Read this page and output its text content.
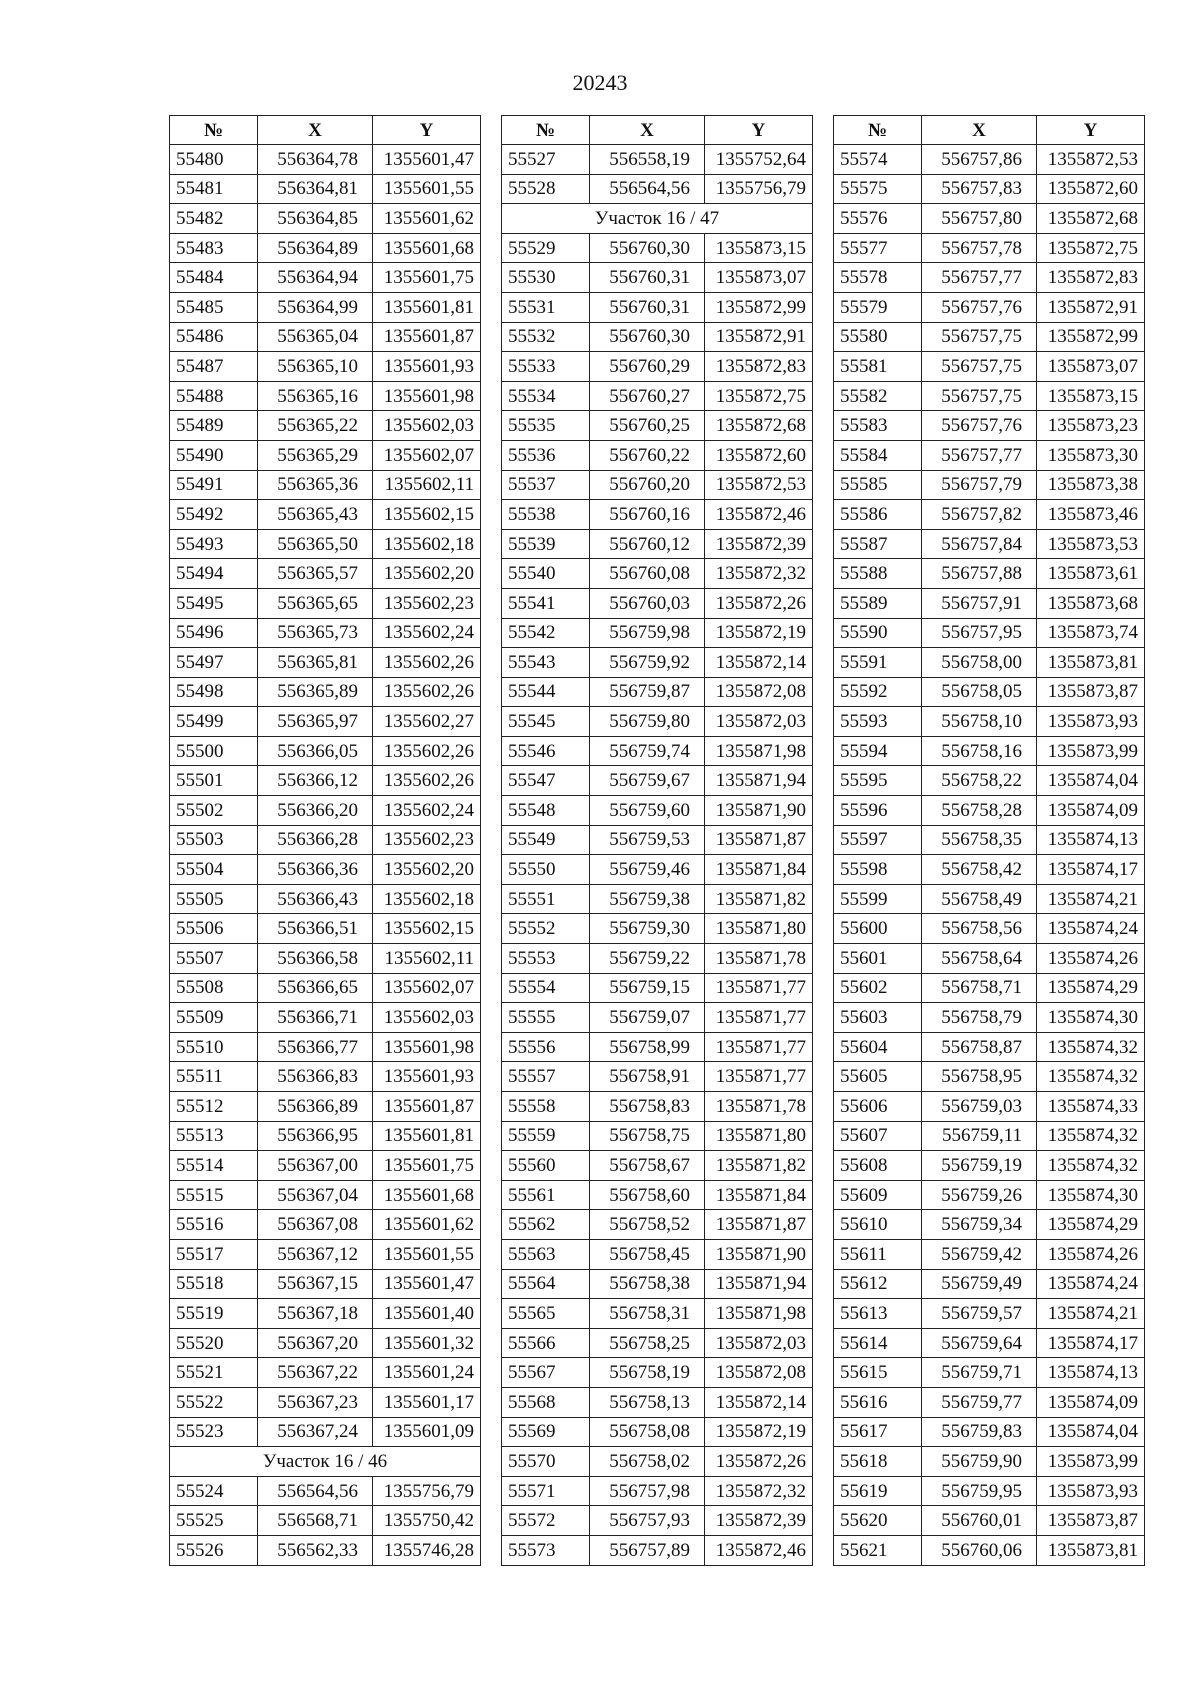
20243
№	X	Y
55480	556364,78	1355601,47
55481	556364,81	1355601,55
55482	556364,85	1355601,62
55483	556364,89	1355601,68
55484	556364,94	1355601,75
55485	556364,99	1355601,81
55486	556365,04	1355601,87
55487	556365,10	1355601,93
55488	556365,16	1355601,98
55489	556365,22	1355602,03
55490	556365,29	1355602,07
55491	556365,36	1355602,11
55492	556365,43	1355602,15
55493	556365,50	1355602,18
55494	556365,57	1355602,20
55495	556365,65	1355602,23
55496	556365,73	1355602,24
55497	556365,81	1355602,26
55498	556365,89	1355602,26
55499	556365,97	1355602,27
55500	556366,05	1355602,26
55501	556366,12	1355602,26
55502	556366,20	1355602,24
55503	556366,28	1355602,23
55504	556366,36	1355602,20
55505	556366,43	1355602,18
55506	556366,51	1355602,15
55507	556366,58	1355602,11
55508	556366,65	1355602,07
55509	556366,71	1355602,03
55510	556366,77	1355601,98
55511	556366,83	1355601,93
55512	556366,89	1355601,87
55513	556366,95	1355601,81
55514	556367,00	1355601,75
55515	556367,04	1355601,68
55516	556367,08	1355601,62
55517	556367,12	1355601,55
55518	556367,15	1355601,47
55519	556367,18	1355601,40
55520	556367,20	1355601,32
55521	556367,22	1355601,24
55522	556367,23	1355601,17
55523	556367,24	1355601,09
Участок 16 / 46		
55524	556564,56	1355756,79
55525	556568,71	1355750,42
55526	556562,33	1355746,28
№	X	Y
55527	556558,19	1355752,64
55528	556564,56	1355756,79
Участок 16 / 47		
55529	556760,30	1355873,15
55530	556760,31	1355873,07
55531	556760,31	1355872,99
55532	556760,30	1355872,91
55533	556760,29	1355872,83
55534	556760,27	1355872,75
55535	556760,25	1355872,68
55536	556760,22	1355872,60
55537	556760,20	1355872,53
55538	556760,16	1355872,46
55539	556760,12	1355872,39
55540	556760,08	1355872,32
55541	556760,03	1355872,26
55542	556759,98	1355872,19
55543	556759,92	1355872,14
55544	556759,87	1355872,08
55545	556759,80	1355872,03
55546	556759,74	1355871,98
55547	556759,67	1355871,94
55548	556759,60	1355871,90
55549	556759,53	1355871,87
55550	556759,46	1355871,84
55551	556759,38	1355871,82
55552	556759,30	1355871,80
55553	556759,22	1355871,78
55554	556759,15	1355871,77
55555	556759,07	1355871,77
55556	556758,99	1355871,77
55557	556758,91	1355871,77
55558	556758,83	1355871,78
55559	556758,75	1355871,80
55560	556758,67	1355871,82
55561	556758,60	1355871,84
55562	556758,52	1355871,87
55563	556758,45	1355871,90
55564	556758,38	1355871,94
55565	556758,31	1355871,98
55566	556758,25	1355872,03
55567	556758,19	1355872,08
55568	556758,13	1355872,14
55569	556758,08	1355872,19
55570	556758,02	1355872,26
55571	556757,98	1355872,32
55572	556757,93	1355872,39
55573	556757,89	1355872,46
№	X	Y
55574	556757,86	1355872,53
55575	556757,83	1355872,60
55576	556757,80	1355872,68
55577	556757,78	1355872,75
55578	556757,77	1355872,83
55579	556757,76	1355872,91
55580	556757,75	1355872,99
55581	556757,75	1355873,07
55582	556757,75	1355873,15
55583	556757,76	1355873,23
55584	556757,77	1355873,30
55585	556757,79	1355873,38
55586	556757,82	1355873,46
55587	556757,84	1355873,53
55588	556757,88	1355873,61
55589	556757,91	1355873,68
55590	556757,95	1355873,74
55591	556758,00	1355873,81
55592	556758,05	1355873,87
55593	556758,10	1355873,93
55594	556758,16	1355873,99
55595	556758,22	1355874,04
55596	556758,28	1355874,09
55597	556758,35	1355874,13
55598	556758,42	1355874,17
55599	556758,49	1355874,21
55600	556758,56	1355874,24
55601	556758,64	1355874,26
55602	556758,71	1355874,29
55603	556758,79	1355874,30
55604	556758,87	1355874,32
55605	556758,95	1355874,32
55606	556759,03	1355874,33
55607	556759,11	1355874,32
55608	556759,19	1355874,32
55609	556759,26	1355874,30
55610	556759,34	1355874,29
55611	556759,42	1355874,26
55612	556759,49	1355874,24
55613	556759,57	1355874,21
55614	556759,64	1355874,17
55615	556759,71	1355874,13
55616	556759,77	1355874,09
55617	556759,83	1355874,04
55618	556759,90	1355873,99
55619	556759,95	1355873,93
55620	556760,01	1355873,87
55621	556760,06	1355873,81
